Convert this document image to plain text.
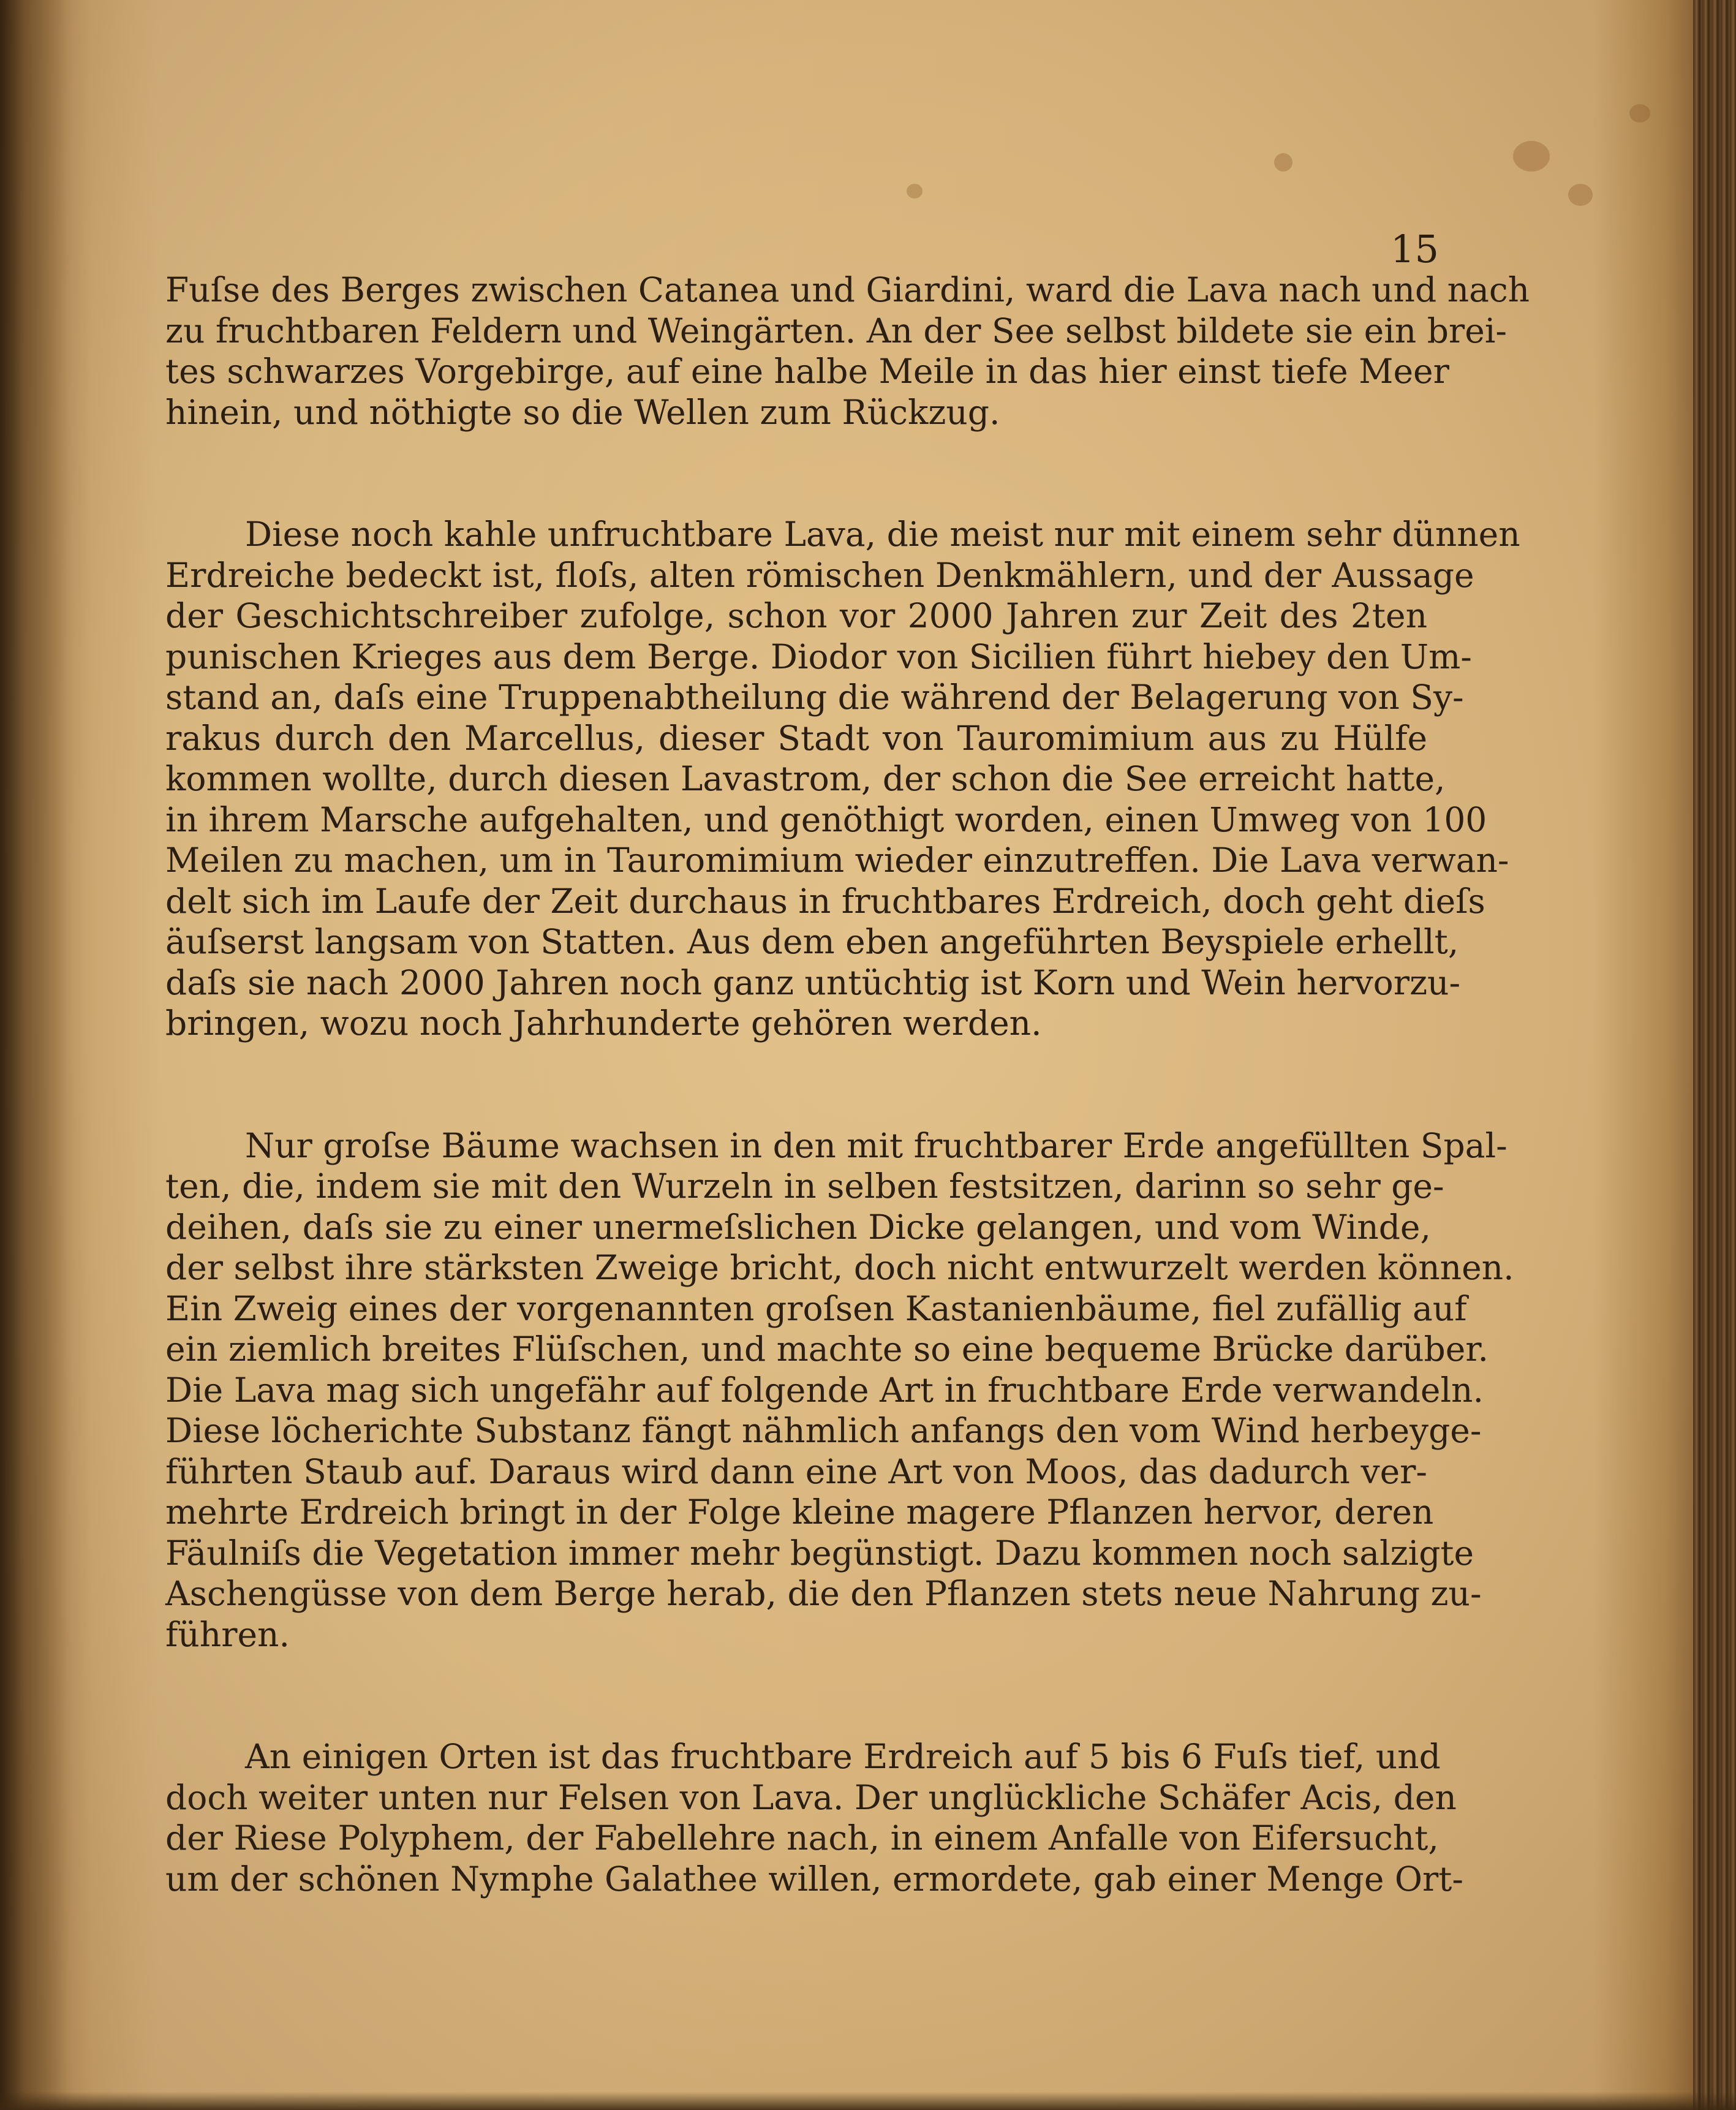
15
Fuſse des Berges zwischen Catanea und Giardini, ward die Lava nach und nach
zu fruchtbaren Feldern und Weingärten. An der See selbst bildete sie ein brei-
tes schwarzes Vorgebirge, auf eine halbe Meile in das hier einst tiefe Meer
hinein, und nöthigte so die Wellen zum Rückzug.
Diese noch kahle unfruchtbare Lava, die meist nur mit einem sehr dünnen
Erdreiche bedeckt ist, floſs, alten römischen Denkmählern, und der Aussage
der Geschichtschreiber zufolge, schon vor 2000 Jahren zur Zeit des 2ten
punischen Krieges aus dem Berge. Diodor von Sicilien führt hiebey den Um-
stand an, daſs eine Truppenabtheilung die während der Belagerung von Sy-
rakus durch den Marcellus, dieser Stadt von Tauromimium aus zu Hülfe
kommen wollte, durch diesen Lavastrom, der schon die See erreicht hatte,
in ihrem Marsche aufgehalten, und genöthigt worden, einen Umweg von 100
Meilen zu machen, um in Tauromimium wieder einzutreffen. Die Lava verwan-
delt sich im Laufe der Zeit durchaus in fruchtbares Erdreich, doch geht dieſs
äuſserst langsam von Statten. Aus dem eben angeführten Beyspiele erhellt,
daſs sie nach 2000 Jahren noch ganz untüchtig ist Korn und Wein hervorzu-
bringen, wozu noch Jahrhunderte gehören werden.
Nur groſse Bäume wachsen in den mit fruchtbarer Erde angefüllten Spal-
ten, die, indem sie mit den Wurzeln in selben festsitzen, darinn so sehr ge-
deihen, daſs sie zu einer unermeſslichen Dicke gelangen, und vom Winde,
der selbst ihre stärksten Zweige bricht, doch nicht entwurzelt werden können.
Ein Zweig eines der vorgenannten groſsen Kastanienbäume, fiel zufällig auf
ein ziemlich breites Flüſschen, und machte so eine bequeme Brücke darüber.
Die Lava mag sich ungefähr auf folgende Art in fruchtbare Erde verwandeln.
Diese löcherichte Substanz fängt nähmlich anfangs den vom Wind herbeyge-
führten Staub auf. Daraus wird dann eine Art von Moos, das dadurch ver-
mehrte Erdreich bringt in der Folge kleine magere Pflanzen hervor, deren
Fäulniſs die Vegetation immer mehr begünstigt. Dazu kommen noch salzigte
Aschengüsse von dem Berge herab, die den Pflanzen stets neue Nahrung zu-
führen.
An einigen Orten ist das fruchtbare Erdreich auf 5 bis 6 Fuſs tief, und
doch weiter unten nur Felsen von Lava. Der unglückliche Schäfer Acis, den
der Riese Polyphem, der Fabellehre nach, in einem Anfalle von Eifersucht,
um der schönen Nymphe Galathee willen, ermordete, gab einer Menge Ort-
